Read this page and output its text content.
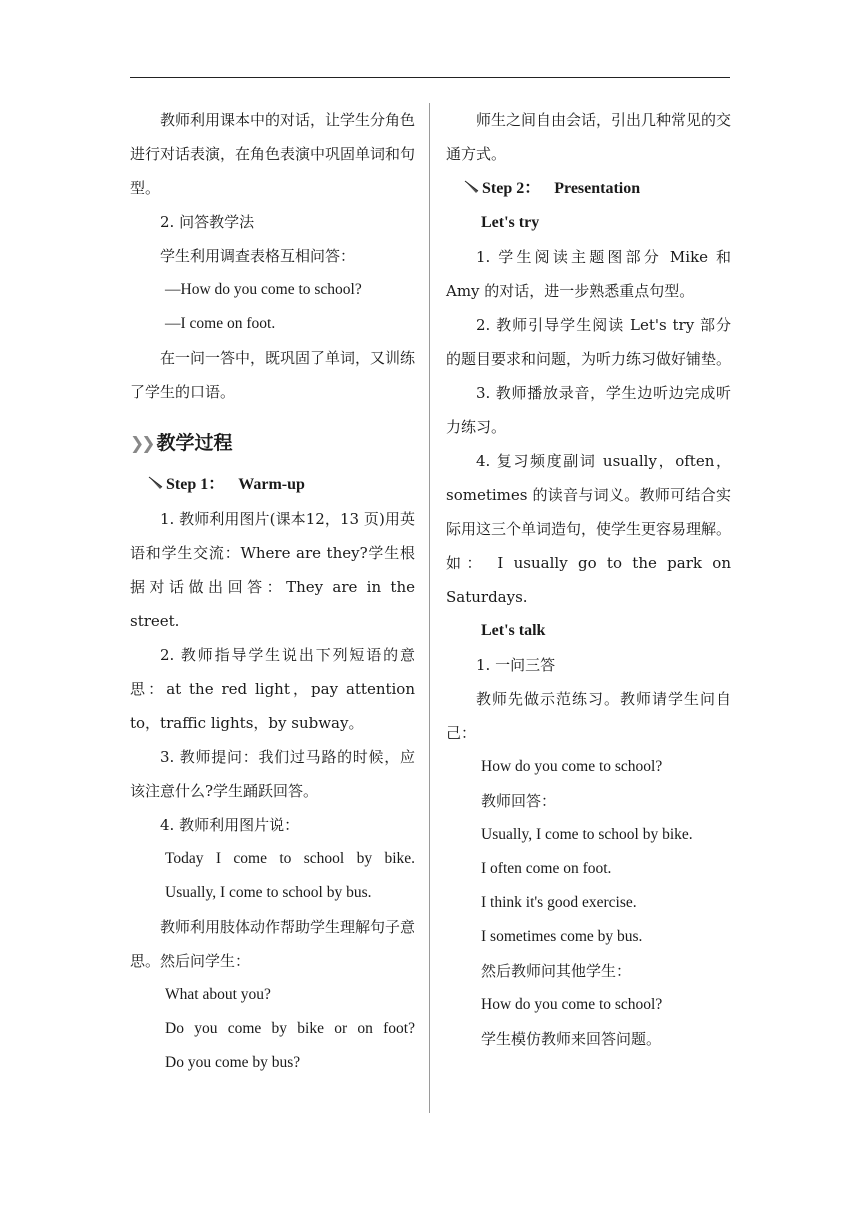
教师利用课本中的对话，让学生分角色进行对话表演，在角色表演中巩固单词和句型。

2. 问答教学法

学生利用调查表格互相问答：

—How do you come to school?

—I come on foot.

在一问一答中，既巩固了单词，又训练了学生的口语。

❯❯ 教学过程

Step 1： Warm-up

1. 教师利用图片(课本12，13 页)用英语和学生交流：Where are they?学生根据对话做出回答：They are in the street.

2. 教师指导学生说出下列短语的意思：at the red light，pay attention to，traffic lights，by subway。

3. 教师提问：我们过马路的时候，应该注意什么?学生踊跃回答。

4. 教师利用图片说：

Today I come to school by bike.

Usually, I come to school by bus.

教师利用肢体动作帮助学生理解句子意思。然后问学生：

What about you?

Do you come by bike or on foot?

Do you come by bus?

师生之间自由会话，引出几种常见的交通方式。

Step 2： Presentation

Let's try

1. 学生阅读主题图部分 Mike 和 Amy 的对话，进一步熟悉重点句型。

2. 教师引导学生阅读 Let's try 部分的题目要求和问题，为听力练习做好铺垫。

3. 教师播放录音，学生边听边完成听力练习。

4. 复习频度副词 usually，often，sometimes 的读音与词义。教师可结合实际用这三个单词造句，使学生更容易理解。如： I usually go to the park on Saturdays.

Let's talk

1. 一问三答

教师先做示范练习。教师请学生问自己：

How do you come to school?

教师回答：

Usually, I come to school by bike.

I often come on foot.

I think it's good exercise.

I sometimes come by bus.

然后教师问其他学生：

How do you come to school?

学生模仿教师来回答问题。
